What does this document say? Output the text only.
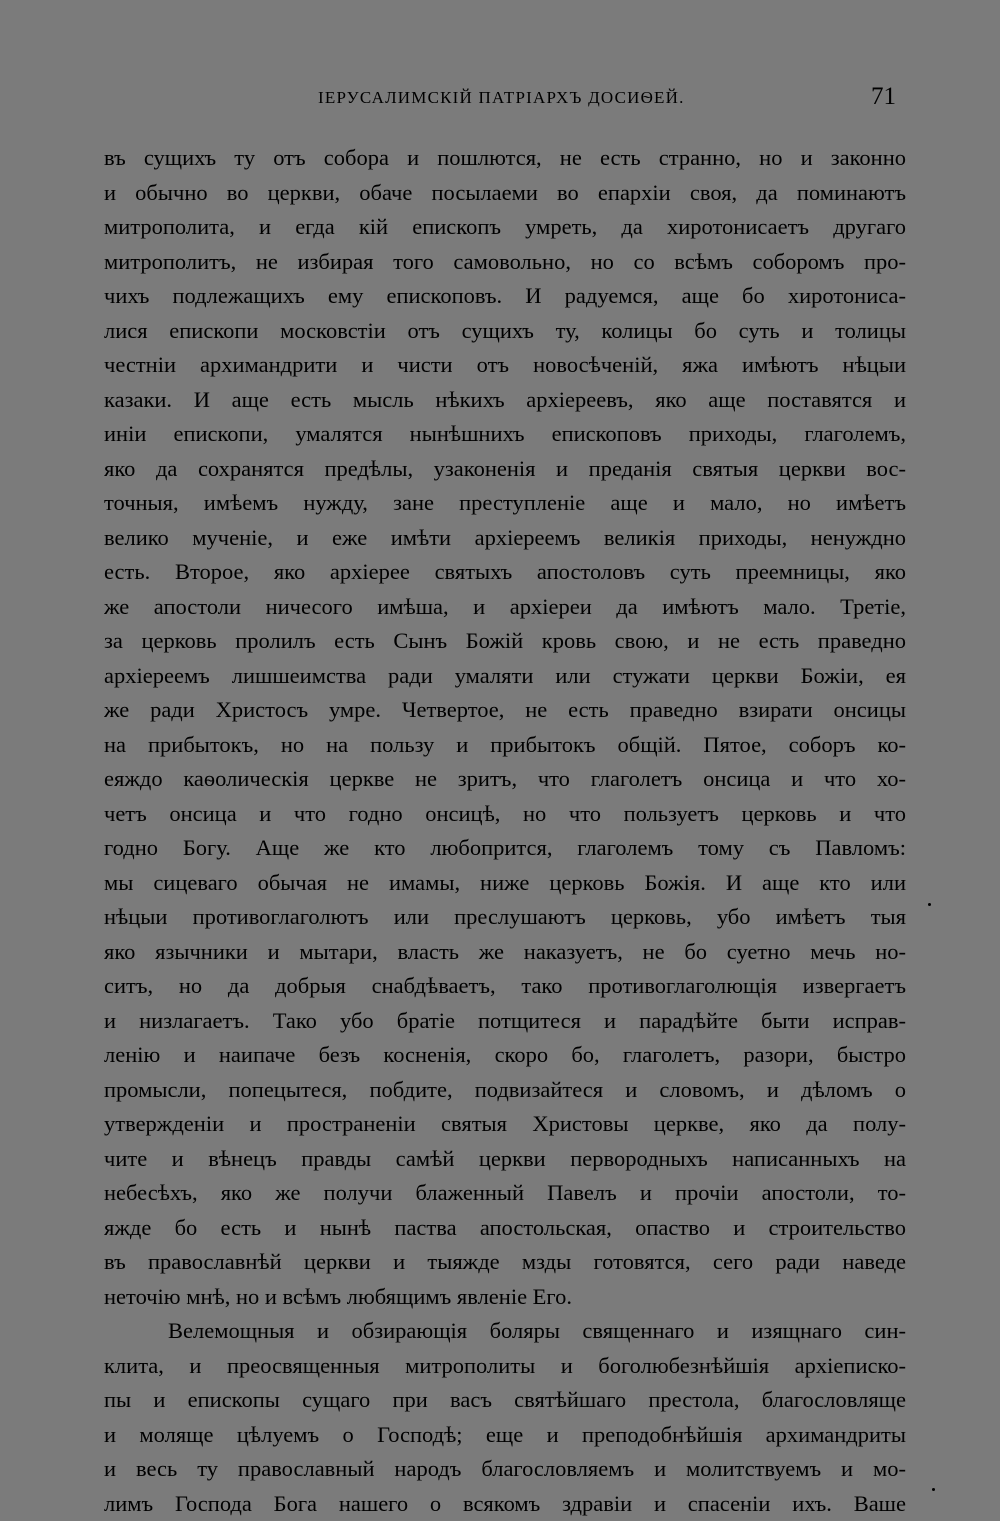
ІЕРУСАЛИМСКІЙ ПАТРІАРХЪ ДОСИѲЕЙ.	71
въ сущихъ ту отъ собора и пошлются, не есть странно, но и законно
и обычно во церкви, обаче посылаеми во епархіи своя, да поминаютъ
митрополита, и егда кій епископъ умреть, да хиротонисаетъ другаго
митрополитъ, не избирая того самовольно, но со всѣмъ соборомъ про-
чихъ подлежащихъ ему епископовъ. И радуемся, аще бо хиротониса-
лися епископи московстіи отъ сущихъ ту, колицы бо суть и толицы
честніи архимандрити и чисти отъ новосѣченій, яжа имѣютъ нѣцыи
казаки. И аще есть мысль нѣкихъ архіереевъ, яко аще поставятся и
иніи епископи, умалятся нынѣшнихъ епископовъ приходы, глаголемъ,
яко да сохранятся предѣлы, узаконенія и преданія святыя церкви вос-
точныя, имѣемъ нужду, зане преступленіе аще и мало, но имѣетъ
велико мученіе, и еже имѣти архіереемъ великія приходы, ненуждно
есть. Второе, яко архіерее святыхъ апостоловъ суть преемницы, яко
же апостоли ничесого имѣша, и архіереи да имѣютъ мало. Третіе,
за церковь пролилъ есть Сынъ Божій кровь свою, и не есть праведно
архіереемъ лишшеимства ради умаляти или стужати церкви Божіи, ея
же ради Христосъ умре. Четвертое, не есть праведно взирати онсицы
на прибытокъ, но на пользу и прибытокъ общій. Пятое, соборъ ко-
еяждо каѳолическія церкве не зритъ, что глаголетъ онсица и что хо-
четъ онсица и что годно онсицѣ, но что пользуетъ церковь и что
годно Богу. Аще же кто любопрится, глаголемъ тому съ Павломъ:
мы сицеваго обычая не имамы, ниже церковь Божія. И аще кто или
нѣцыи противоглаголютъ или преслушаютъ церковь, убо имѣетъ тыя
яко язычники и мытари, власть же наказуетъ, не бо суетно мечь но-
ситъ, но да добрыя снабдѣваетъ, тако противоглаголющія извергаетъ
и низлагаетъ. Тако убо братіе потщитеся и парадѣйте быти исправ-
ленію и наипаче безъ косненія, скоро бо, глаголетъ, разори, быстро
промысли, попецытеся, побдите, подвизайтеся и словомъ, и дѣломъ о
утвержденіи и пространеніи святыя Христовы церкве, яко да полу-
чите и вѣнецъ правды самѣй церкви первородныхъ написанныхъ на
небесѣхъ, яко же получи блаженный Павелъ и прочіи апостоли, то-
яжде бо есть и нынѣ паства апостольская, опаство и строительство
въ православнѣй церкви и тыяжде мзды готовятся, сего ради наведе
неточію мнѣ, но и всѣмъ любящимъ явленіе Его.
Велемощныя и обзирающія боляры священнаго и изящнаго син-
клита, и преосвященныя митрополиты и боголюбезнѣйшія архіеписко-
пы и епископы сущаго при васъ святѣйшаго престола, благословляще
и моляще цѣлуемъ о Господѣ; еще и преподобнѣйшія архимандриты
и весь ту православный народъ благословляемъ и молитствуемъ и мо-
лимъ Господа Бога нашего о всякомъ здравіи и спасеніи ихъ. Ваше
